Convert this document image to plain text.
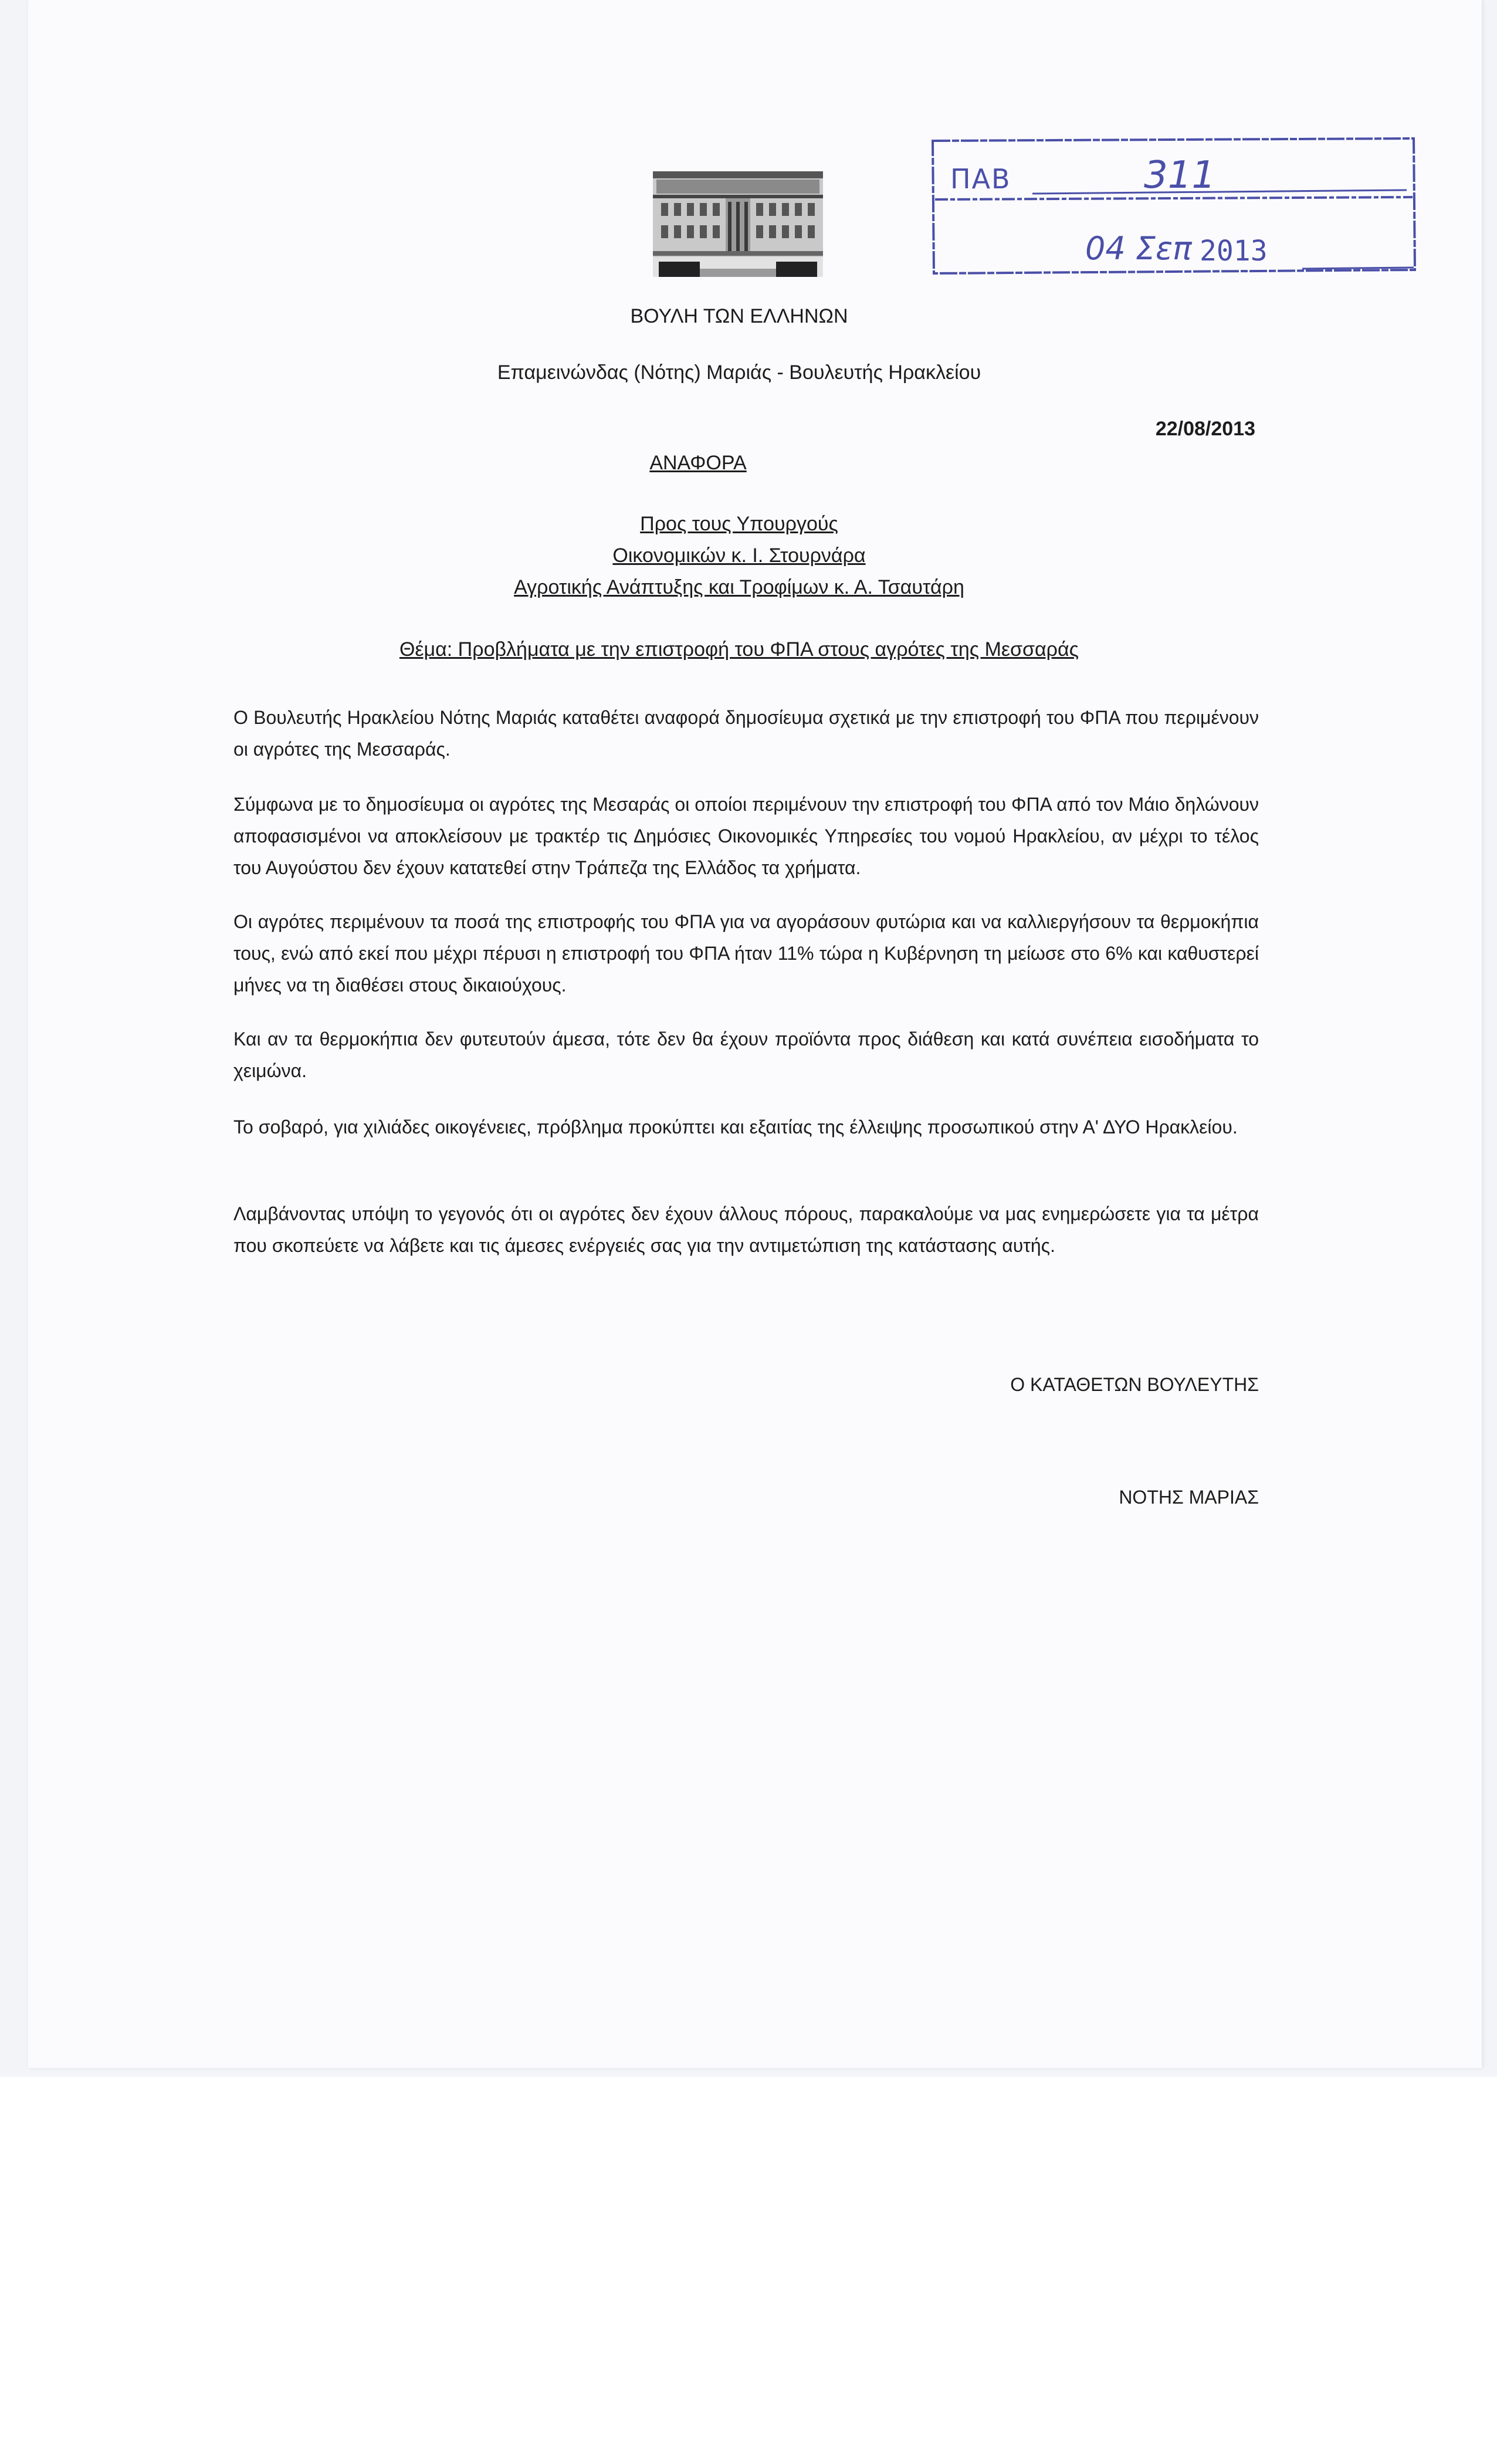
ΠΑΒ	311
04 Σεπ 2013
ΒΟΥΛΗ ΤΩΝ ΕΛΛΗΝΩΝ
Επαμεινώνδας (Νότης) Μαριάς - Βουλευτής Ηρακλείου
22/08/2013
ΑΝΑΦΟΡΑ
Προς τους Υπουργούς
Οικονομικών κ. Ι. Στουρνάρα
Αγροτικής Ανάπτυξης και Τροφίμων κ. Α. Τσαυτάρη
Θέμα: Προβλήματα με την επιστροφή του ΦΠΑ στους αγρότες της Μεσσαράς
Ο Βουλευτής Ηρακλείου Νότης Μαριάς καταθέτει αναφορά δημοσίευμα σχετικά με την επιστροφή του ΦΠΑ που περιμένουν οι αγρότες της Μεσσαράς.
Σύμφωνα με το δημοσίευμα οι αγρότες της Μεσαράς οι οποίοι περιμένουν την επιστροφή του ΦΠΑ από τον Μάιο δηλώνουν αποφασισμένοι να αποκλείσουν με τρακτέρ τις Δημόσιες Οικονομικές Υπηρεσίες του νομού Ηρακλείου, αν μέχρι το τέλος του Αυγούστου δεν έχουν κατατεθεί στην Τράπεζα της Ελλάδος τα χρήματα.
Οι αγρότες περιμένουν τα ποσά της επιστροφής του ΦΠΑ για να αγοράσουν φυτώρια και να καλλιεργήσουν τα θερμοκήπια τους, ενώ από εκεί που μέχρι πέρυσι η επιστροφή του ΦΠΑ ήταν 11% τώρα η Κυβέρνηση τη μείωσε στο 6% και καθυστερεί μήνες να τη διαθέσει στους δικαιούχους.
Και αν τα θερμοκήπια δεν φυτευτούν άμεσα, τότε δεν θα έχουν προϊόντα προς διάθεση και κατά συνέπεια εισοδήματα το χειμώνα.
Το σοβαρό, για χιλιάδες οικογένειες, πρόβλημα προκύπτει και εξαιτίας της έλλειψης προσωπικού στην Α' ΔΥΟ Ηρακλείου.
Λαμβάνοντας υπόψη το γεγονός ότι οι αγρότες δεν έχουν άλλους πόρους, παρακαλούμε να μας ενημερώσετε για τα μέτρα που σκοπεύετε να λάβετε και τις άμεσες ενέργειές σας για την αντιμετώπιση της κατάστασης αυτής.
Ο ΚΑΤΑΘΕΤΩΝ ΒΟΥΛΕΥΤΗΣ
ΝΟΤΗΣ ΜΑΡΙΑΣ
